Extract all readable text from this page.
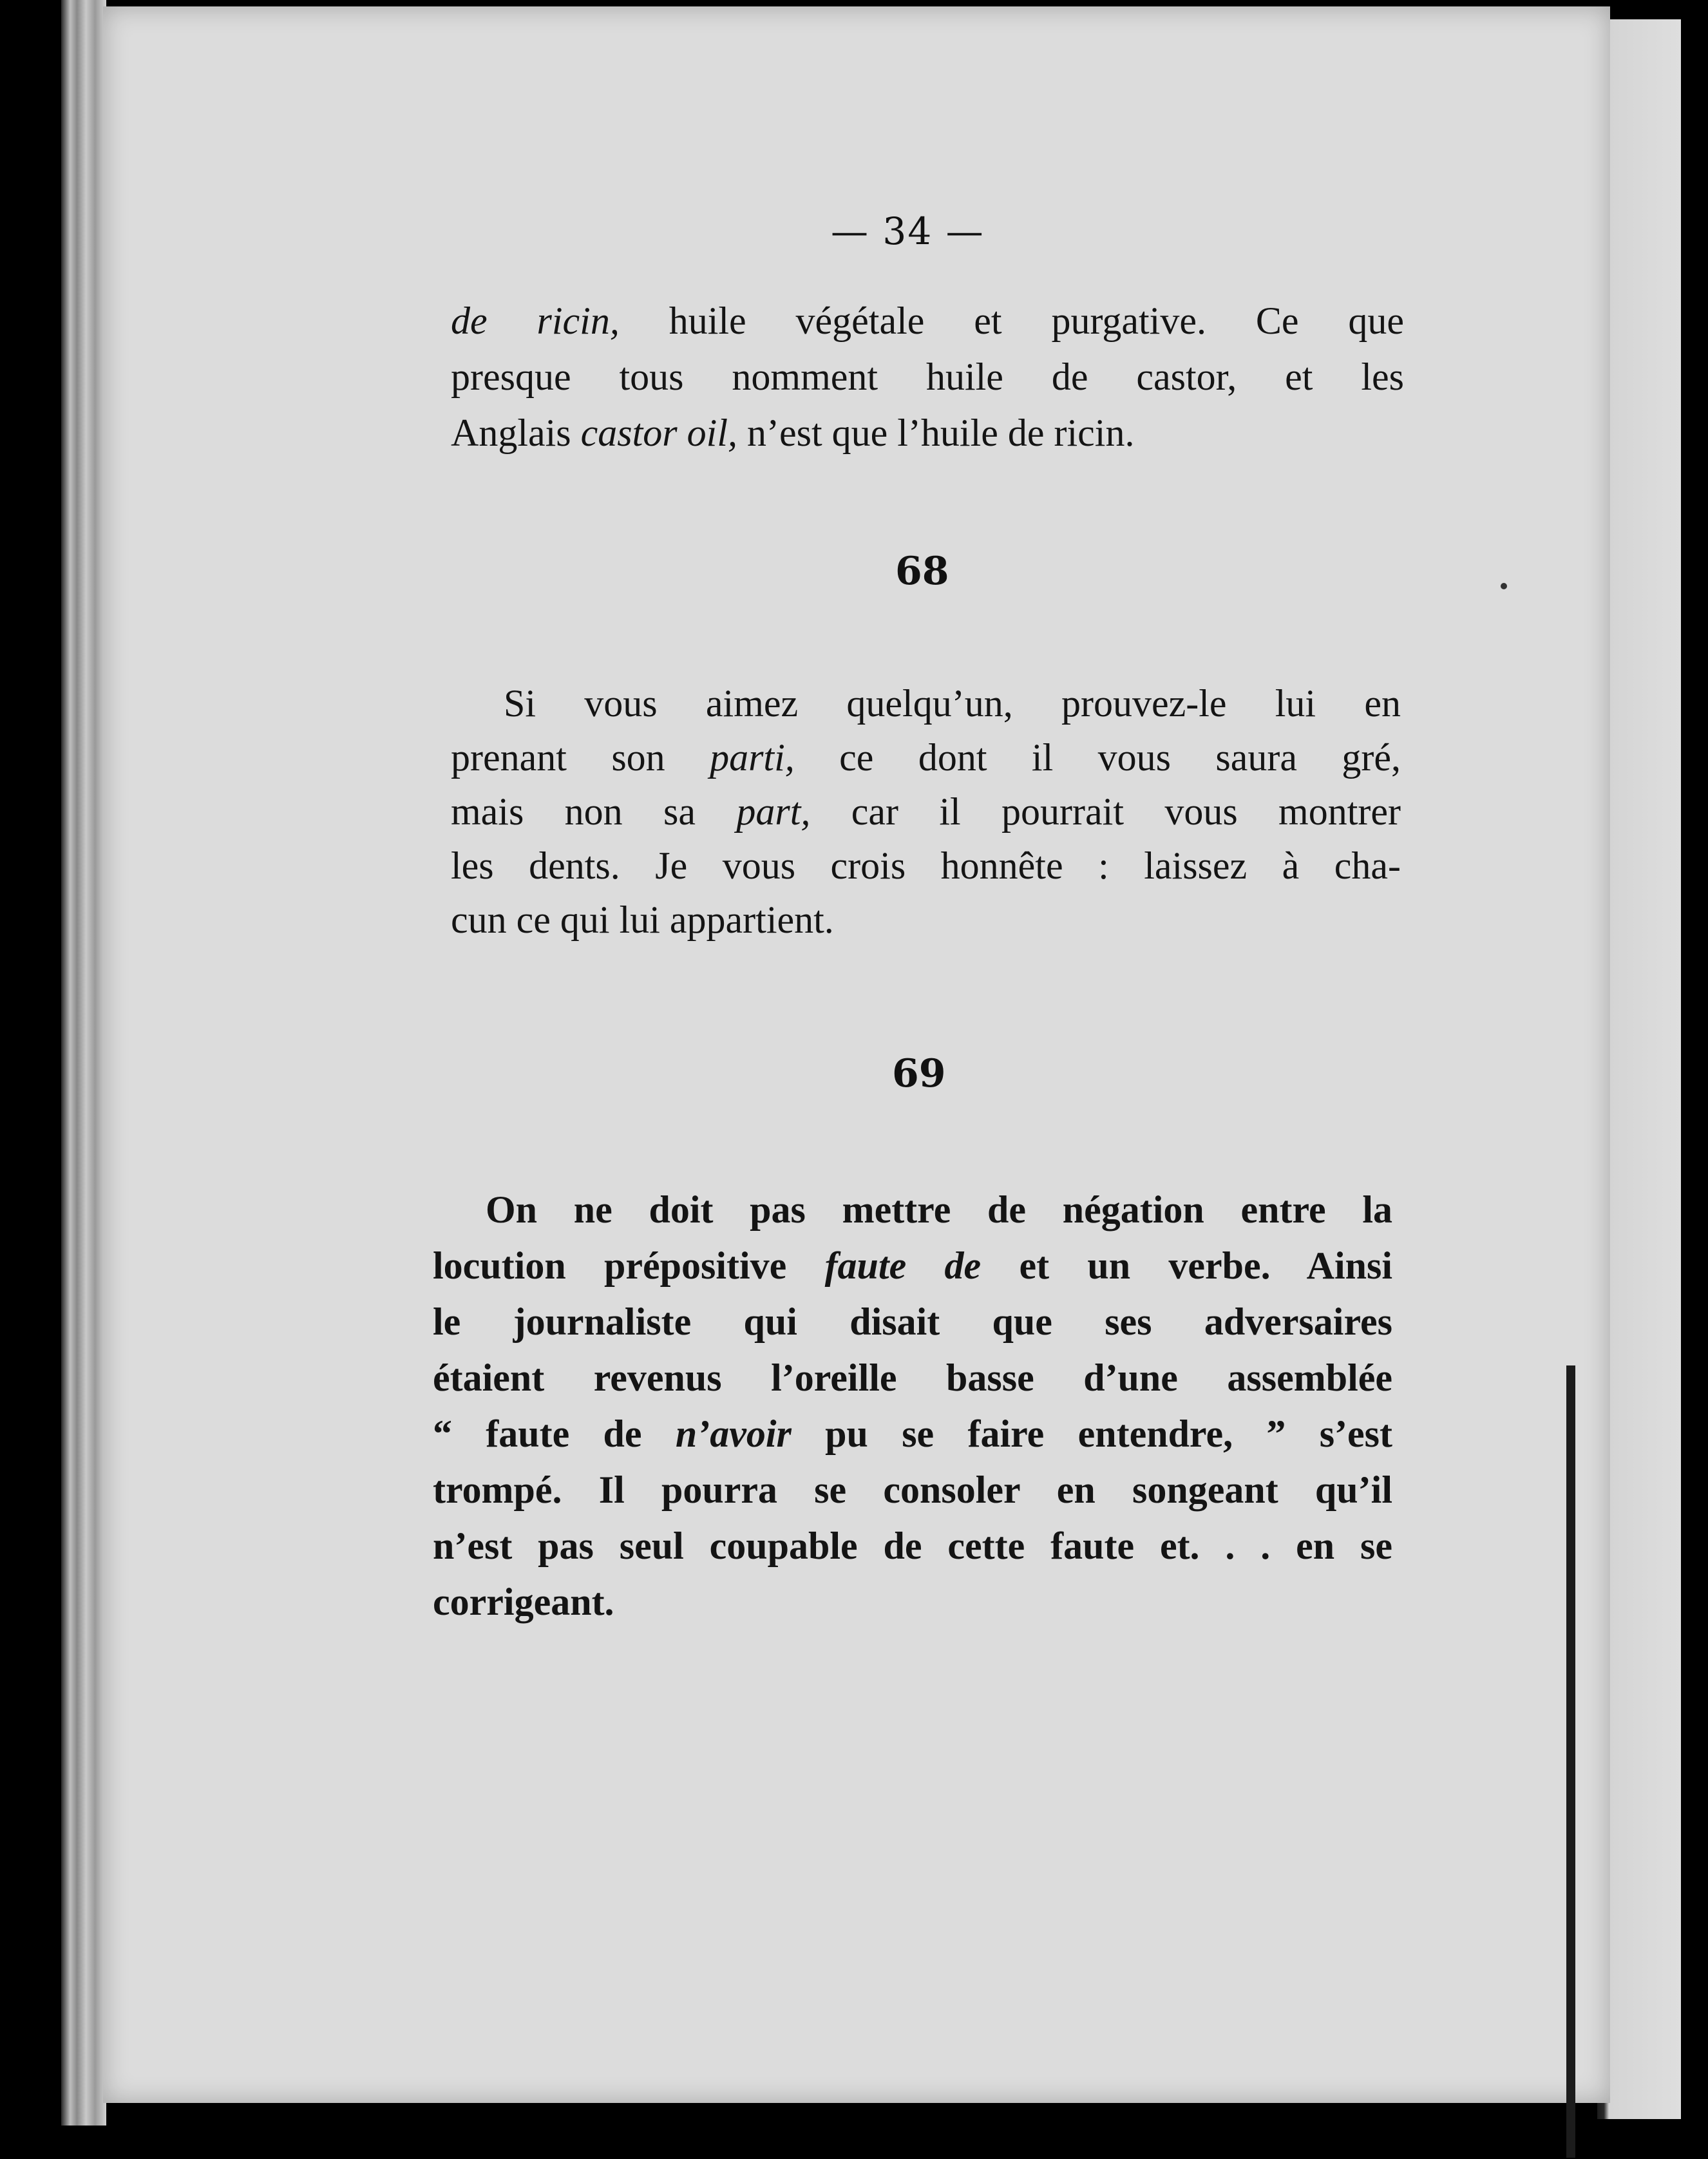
— 34 —
de ricin, huile végétale et purgative. Ce que
presque tous nomment huile de castor, et les
Anglais castor oil, n’est que l’huile de ricin.
68
Si vous aimez quelqu’un, prouvez-le lui en
prenant son parti, ce dont il vous saura gré,
mais non sa part, car il pourrait vous montrer
les dents. Je vous crois honnête : laissez à cha-
cun ce qui lui appartient.
69
On ne doit pas mettre de négation entre la
locution prépositive faute de et un verbe. Ainsi
le journaliste qui disait que ses adversaires
étaient revenus l’oreille basse d’une assemblée
“ faute de n’avoir pu se faire entendre, ” s’est
trompé. Il pourra se consoler en songeant qu’il
n’est pas seul coupable de cette faute et. . . en se
corrigeant.
